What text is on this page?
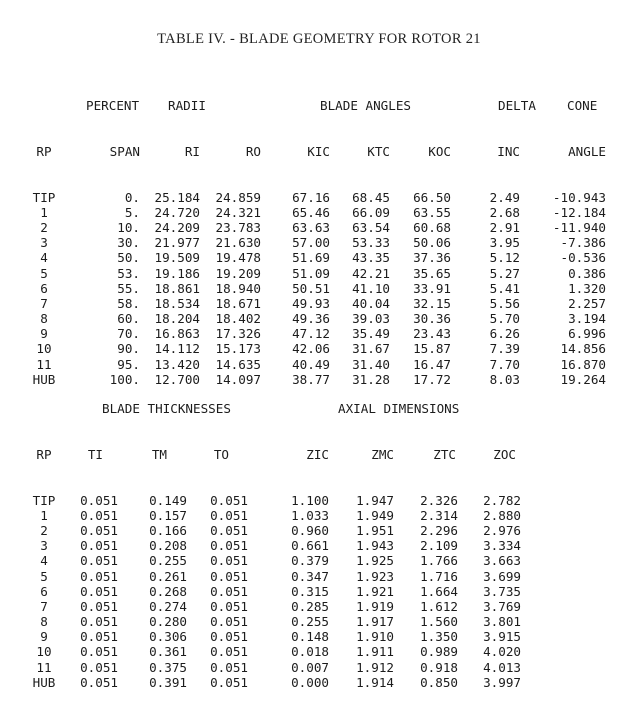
TABLE IV. - BLADE GEOMETRY FOR ROTOR 21

PERCENT

RADII

	BLADE ANGLES

	DELTA

CONE

RP	SPAN	RI	RO	KIC	KTC	KOC	INC	ANGLE

TIP	0. 25.184 24.859 67.16 68.45 66.50	2.49	-10.943
1	5. 24.720 24.321 65.46 66.09 63.55	2.68	-12.184
2	10. 24.209 23.783 63.63 63.54 60.68	2.91	-11.940
3	30. 21.977 21.630 57.00 53.33 50.06	3.95	-7.386
4	50. 19.509 19.478 51.69 43.35 37.36	5.12	-0.536
5	53. 19.186 19.209 51.09 42.21 35.65	5.27	0.386
6	55. 18.861 18.940 50.51 41.10 33.91	5.41	1.320
7	58. 18.534 18.671 49.93 40.04 32.15	5.56	2.257
8	60. 18.204 18.402 49.36 39.03 30.36	5.70	3.194
9	70. 16.863 17.326 47.12 35.49 23.43	6.26	6.996
10	90. 14.112 15.173 42.06 31.67 15.87	7.39	14.856
11	95. 13.420 14.635 40.49 31.40 16.47	7.70	16.870
HUB	100. 12.700 14.097 38.77 31.28 17.72	8.03	19.264

BLADE THICKNESSES

	AXIAL DIMENSIONS

RP	TI	TM	TO	ZIC	ZMC	ZTC	ZOC

TIP	0.051 0.149 0.051	1.100 1.947 2.326 2.782
1	0.051 0.157 0.051	1.033 1.949 2.314 2.880
2	0.051 0.166 0.051	0.960 1.951 2.296 2.976
3	0.051 0.208 0.051	0.661 1.943 2.109 3.334
4	0.051 0.255 0.051	0.379 1.925 1.766 3.663
5	0.051 0.261 0.051	0.347 1.923 1.716 3.699
6	0.051 0.268 0.051	0.315 1.921 1.664 3.735
7	0.051 0.274 0.051	0.285 1.919 1.612 3.769
8	0.051 0.280 0.051	0.255 1.917 1.560 3.801
9	0.051 0.306 0.051	0.148 1.910 1.350 3.915
10	0.051 0.361 0.051	0.018 1.911 0.989 4.020
11	0.051 0.375 0.051	0.007 1.912 0.918 4.013
HUB	0.051 0.391 0.051	0.000 1.914 0.850 3.997
